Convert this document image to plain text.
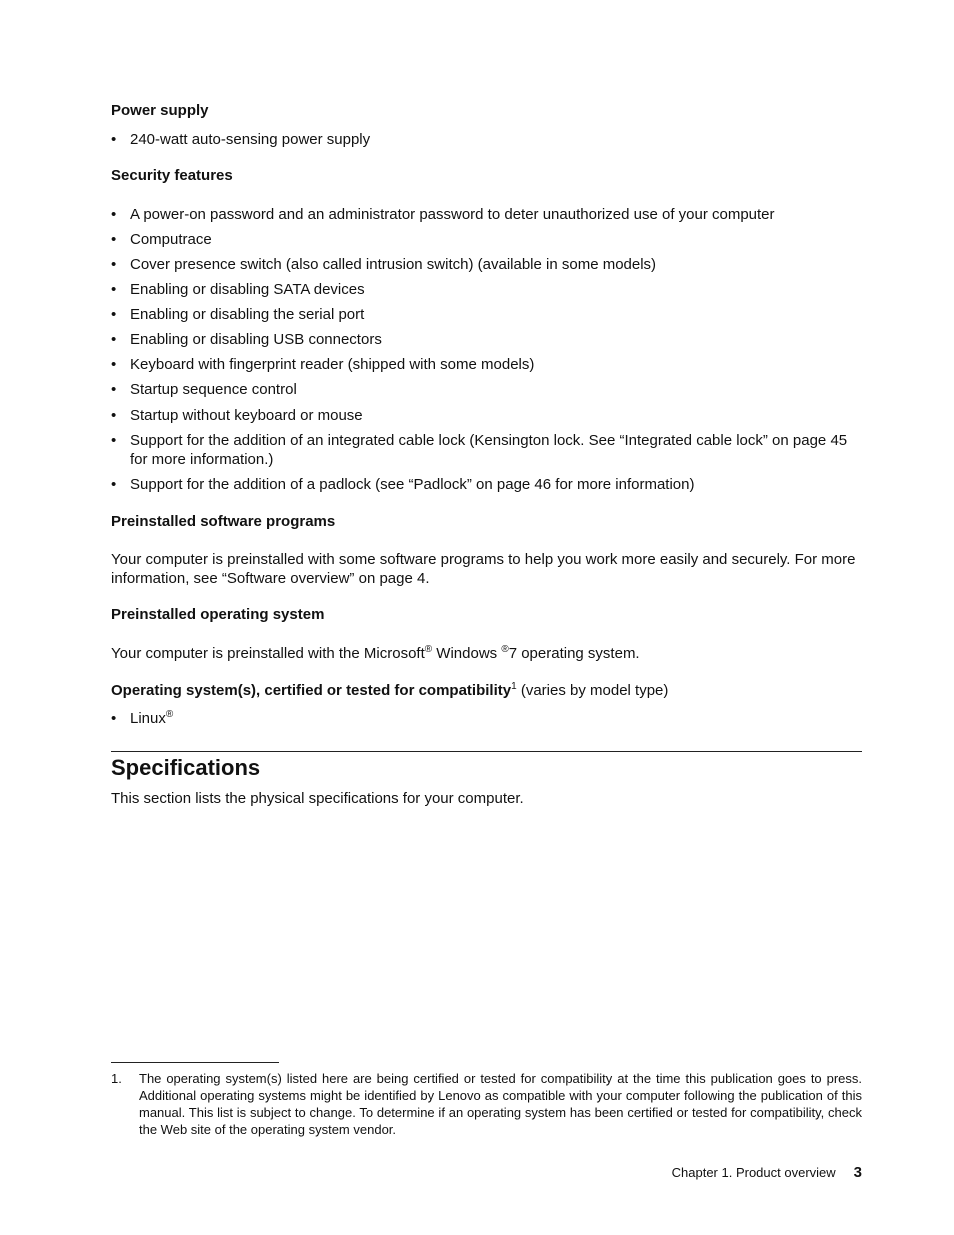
Power supply
• 240-watt auto-sensing power supply
Security features
• A power-on password and an administrator password to deter unauthorized use of your computer
• Computrace
• Cover presence switch (also called intrusion switch) (available in some models)
• Enabling or disabling SATA devices
• Enabling or disabling the serial port
• Enabling or disabling USB connectors
• Keyboard with fingerprint reader (shipped with some models)
• Startup sequence control
• Startup without keyboard or mouse
• Support for the addition of an integrated cable lock (Kensington lock. See “Integrated cable lock” on page 45 for more information.)
• Support for the addition of a padlock (see “Padlock” on page 46 for more information)
Preinstalled software programs

Your computer is preinstalled with some software programs to help you work more easily and securely. For more information, see “Software overview” on page 4.

Preinstalled operating system

Your computer is preinstalled with the Microsoft® Windows ®7 operating system.

Operating system(s), certified or tested for compatibility$^1$ (varies by model type)

• Linux®
Specifications

This section lists the physical specifications for your computer.

1. The operating system(s) listed here are being certified or tested for compatibility at the time this publication goes to press. Additional operating systems might be identified by Lenovo as compatible with your computer following the publication of this manual. This list is subject to change. To determine if an operating system has been certified or tested for compatibility, check the Web site of the operating system vendor.
Chapter 1. Product overview 3
